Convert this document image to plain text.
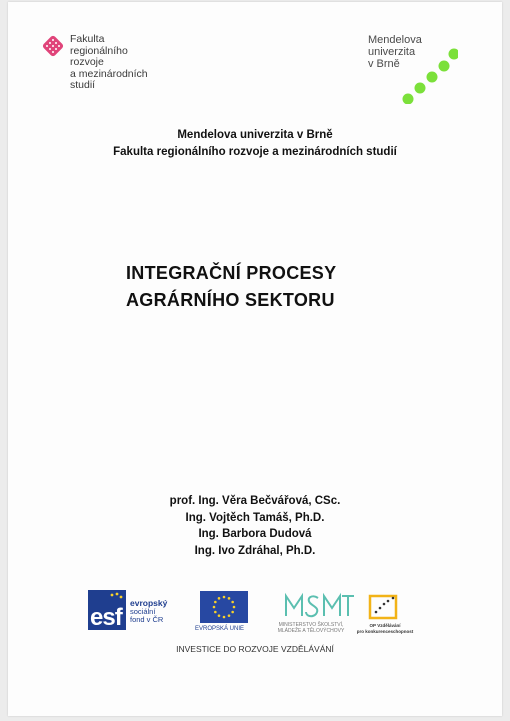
Fakulta
regionálního
rozvoje
a mezinárodních
studií
Mendelova
univerzita
v Brně
Mendelova univerzita v Brně
Fakulta regionálního rozvoje a mezinárodních studií
INTEGRAČNÍ PROCESY
AGRÁRNÍHO SEKTORU
prof. Ing. Věra Bečvářová, CSc.
Ing. Vojtěch Tamáš, Ph.D.
Ing. Barbora Dudová
Ing. Ivo Zdráhal, Ph.D.
esf
evropský
sociální
fond v ČR
EVROPSKÁ UNIE
MINISTERSTVO ŠKOLSTVÍ,
MLÁDEŽE A TĚLOVÝCHOVY
OP Vzdělávání
pro konkurenceschopnost
INVESTICE DO ROZVOJE VZDĚLÁVÁNÍ
